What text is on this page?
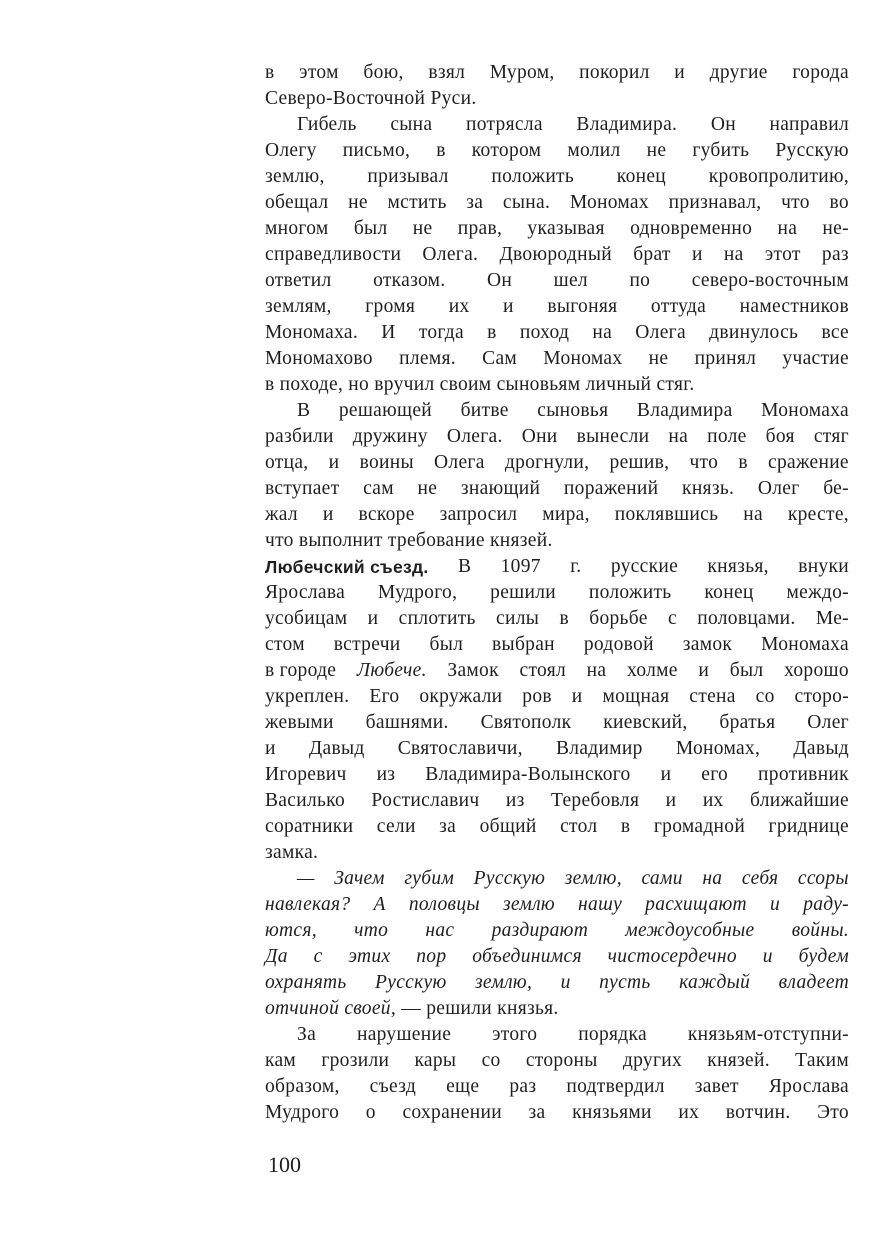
в этом бою, взял Муром, покорил и другие города
Северо-Восточной Руси.
Гибель сына потрясла Владимира. Он направил
Олегу письмо, в котором молил не губить Русскую
землю, призывал положить конец кровопролитию,
обещал не мстить за сына. Мономах признавал, что во
многом был не прав, указывая одновременно на не-
справедливости Олега. Двоюродный брат и на этот раз
ответил отказом. Он шел по северо-восточным
землям, громя их и выгоняя оттуда наместников
Мономаха. И тогда в поход на Олега двинулось все
Мономахово племя. Сам Мономах не принял участие
в походе, но вручил своим сыновьям личный стяг.
В решающей битве сыновья Владимира Мономаха
разбили дружину Олега. Они вынесли на поле боя стяг
отца, и воины Олега дрогнули, решив, что в сражение
вступает сам не знающий поражений князь. Олег бе-
жал и вскоре запросил мира, поклявшись на кресте,
что выполнит требование князей.
Любечский съезд. В 1097 г. русские князья, внуки
Ярослава Мудрого, решили положить конец междо-
усобицам и сплотить силы в борьбе с половцами. Ме-
стом встречи был выбран родовой замок Мономаха
в городе Любече. Замок стоял на холме и был хорошо
укреплен. Его окружали ров и мощная стена со сторо-
жевыми башнями. Святополк киевский, братья Олег
и Давыд Святославичи, Владимир Мономах, Давыд
Игоревич из Владимира-Волынского и его противник
Василько Ростиславич из Теребовля и их ближайшие
соратники сели за общий стол в громадной гриднице
замка.
— Зачем губим Русскую землю, сами на себя ссоры
навлекая? А половцы землю нашу расхищают и раду-
ются, что нас раздирают междоусобные войны.
Да с этих пор объединимся чистосердечно и будем
охранять Русскую землю, и пусть каждый владеет
отчиной своей, — решили князья.
За нарушение этого порядка князьям-отступни-
кам грозили кары со стороны других князей. Таким
образом, съезд еще раз подтвердил завет Ярослава
Мудрого о сохранении за князьями их вотчин. Это
100
